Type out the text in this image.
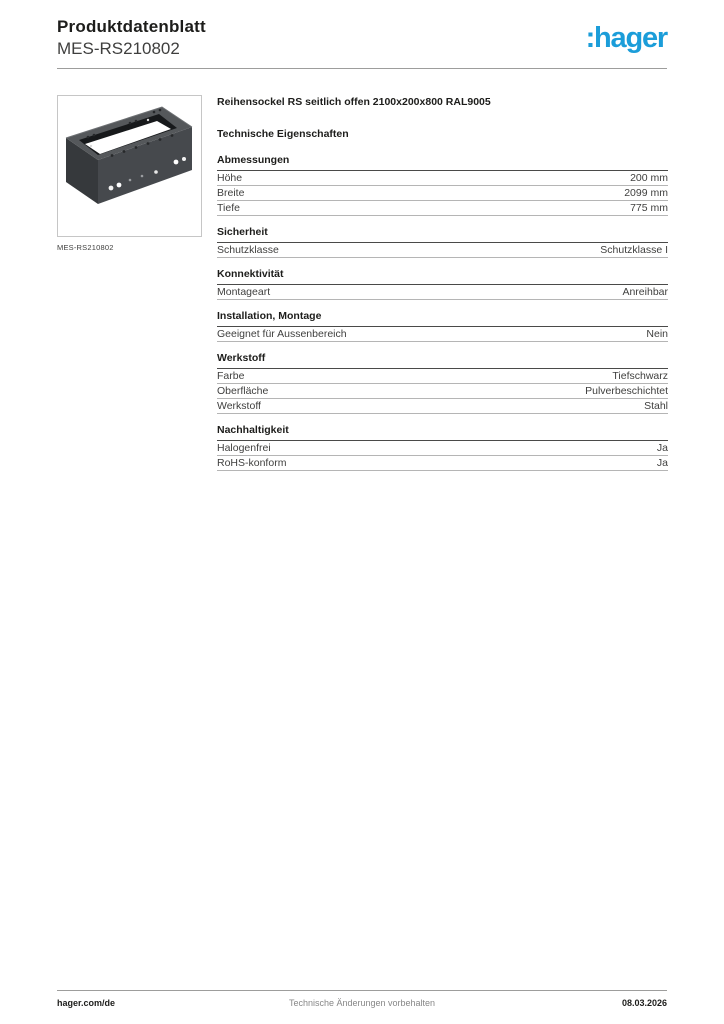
Produktdatenblatt
MES-RS210802	:hager
MES-RS210802
Reihensockel RS seitlich offen 2100x200x800 RAL9005
Technische Eigenschaften
Abmessungen
Höhe	200 mm
Breite	2099 mm
Tiefe	775 mm
Sicherheit
Schutzklasse	Schutzklasse I
Konnektivität
Montageart	Anreihbar
Installation, Montage
Geeignet für Aussenbereich	Nein
Werkstoff
Farbe	Tiefschwarz
Oberfläche	Pulverbeschichtet
Werkstoff	Stahl
Nachhaltigkeit
Halogenfrei	Ja
RoHS-konform	Ja
hager.com/de	Technische Änderungen vorbehalten	08.03.2026
